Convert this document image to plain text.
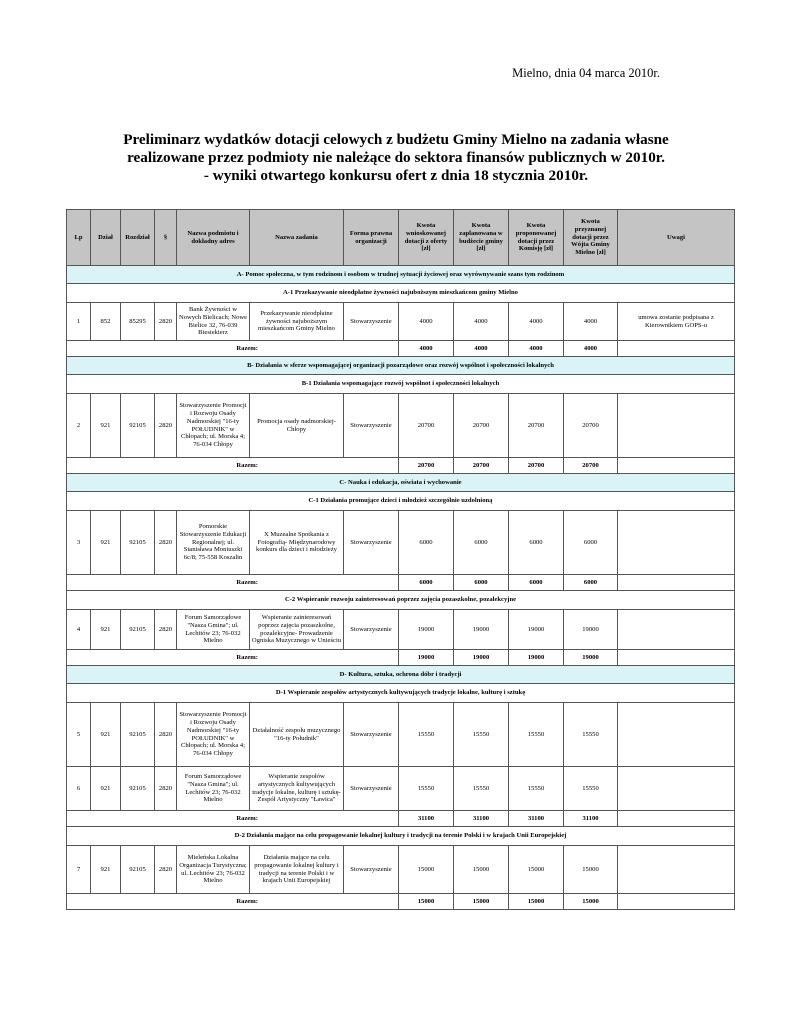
Mielno, dnia 04 marca 2010r.
Preliminarz wydatków dotacji celowych z budżetu Gminy Mielno na zadania własne
realizowane przez podmioty nie należące do sektora finansów publicznych w 2010r.
- wyniki otwartego konkursu ofert z dnia 18 stycznia 2010r.
Lp	Dział	Rozdział	§	Nazwa podmiotu i dokładny adres	Nazwa zadania	Forma prawna organizacji	Kwota wnioskowanej dotacji z oferty [zł]	Kwota zaplanowana w budżecie gminy [zł]	Kwota proponowanej dotacji przez Komisję [zł]	Kwota przyznanej dotacji przez Wójta Gminy Mielno [zł]	Uwagi
A- Pomoc społeczna, w tym rodzinom i osobom w trudnej sytuacji życiowej oraz wyrównywanie szans tym rodzinom											
A-1 Przekazywanie nieodpłatne żywności najuboższym mieszkańcom gminy Mielno											
1	852	85295	2820	Bank Żywności w Nowych Bielicach; Nowe Bielice 32, 76-039 Biesiekierz	Przekazywanie nieodpłatne żywności najuboższym mieszkańcom Gminy Mielno	Stowarzyszenie	4000	4000	4000	4000	umowa zostanie podpisana z Kierownikiem GOPS-u
Razem:							4000	4000	4000	4000	
B- Działania w sferze wspomagającej organizacji pozarządowe oraz rozwój wspólnot i społeczności lokalnych											
B-1 Działania wspomagające rozwój wspólnot i społeczności lokalnych											
2	921	92105	2820	Stowarzyszenie Promocji i Rozwoju Osady Nadmorskiej "16-ty POŁUDNIK" w Chłopach; ul. Morska 4; 76-034 Chłopy	Promocja osady nadmorskiej- Chłopy	Stowarzyszenie	20700	20700	20700	20700	
Razem:							20700	20700	20700	20700	
C- Nauka i edukacja, oświata i wychowanie											
C-1 Działania promujące dzieci i młodzież szczególnie uzdolnioną											
3	921	92105	2820	Pomorskie Stowarzyszenie Edukacji Regionalnej; ul. Stanisława Moniuszki 6c/8; 75-558 Koszalin	X Muzealne Spotkania z Fotografią- Międzynarodowy konkurs dla dzieci i młodzieży	Stowarzyszenie	6000	6000	6000	6000	
Razem:							6000	6000	6000	6000	
C-2 Wspieranie rozwoju zainteresowań poprzez zajęcia pozaszkolne, pozalekcyjne											
4	921	92105	2820	Forum Samorządowe "Nasza Gmina"; ul. Lechitów 23; 76-032 Mielno	Wspieranie zainteresowań poprzez zajęcia pozaszkolne, pozalekcyjne- Prowadzenie Ogniska Muzycznego w Unieściu	Stowarzyszenie	19000	19000	19000	19000	
Razem:							19000	19000	19000	19000	
D- Kultura, sztuka, ochrona dóbr i tradycji											
D-1 Wspieranie zespołów artystycznych kultywujących tradycje lokalne, kulturę i sztukę											
5	921	92105	2820	Stowarzyszenie Promocji i Rozwoju Osady Nadmorskiej "16-ty POŁUDNIK" w Chłopach; ul. Morska 4; 76-034 Chłopy	Działalność zespołu muzycznego "16-ty Południk"	Stowarzyszenie	15550	15550	15550	15550	
6	921	92105	2820	Forum Samorządowe "Nasza Gmina"; ul. Lechitów 23; 76-032 Mielno	Wspieranie zespołów artystycznych kultywujących tradycje lokalne, kulturę i sztukę- Zespół Artystyczny "Ławica"	Stowarzyszenie	15550	15550	15550	15550	
Razem:							31100	31100	31100	31100	
D-2 Działania mające na celu propagowanie lokalnej kultury i tradycji na terenie Polski i w krajach Unii Europejskiej											
7	921	92105	2820	Mieleńska Lokalna Organizacja Turystyczna; ul. Lechitów 23; 76-032 Mielno	Działania mające na celu propagowanie lokalnej kultury i tradycji na terenie Polski i w krajach Unii Europejskiej	Stowarzyszenie	15000	15000	15000	15000	
Razem:							15000	15000	15000	15000	
